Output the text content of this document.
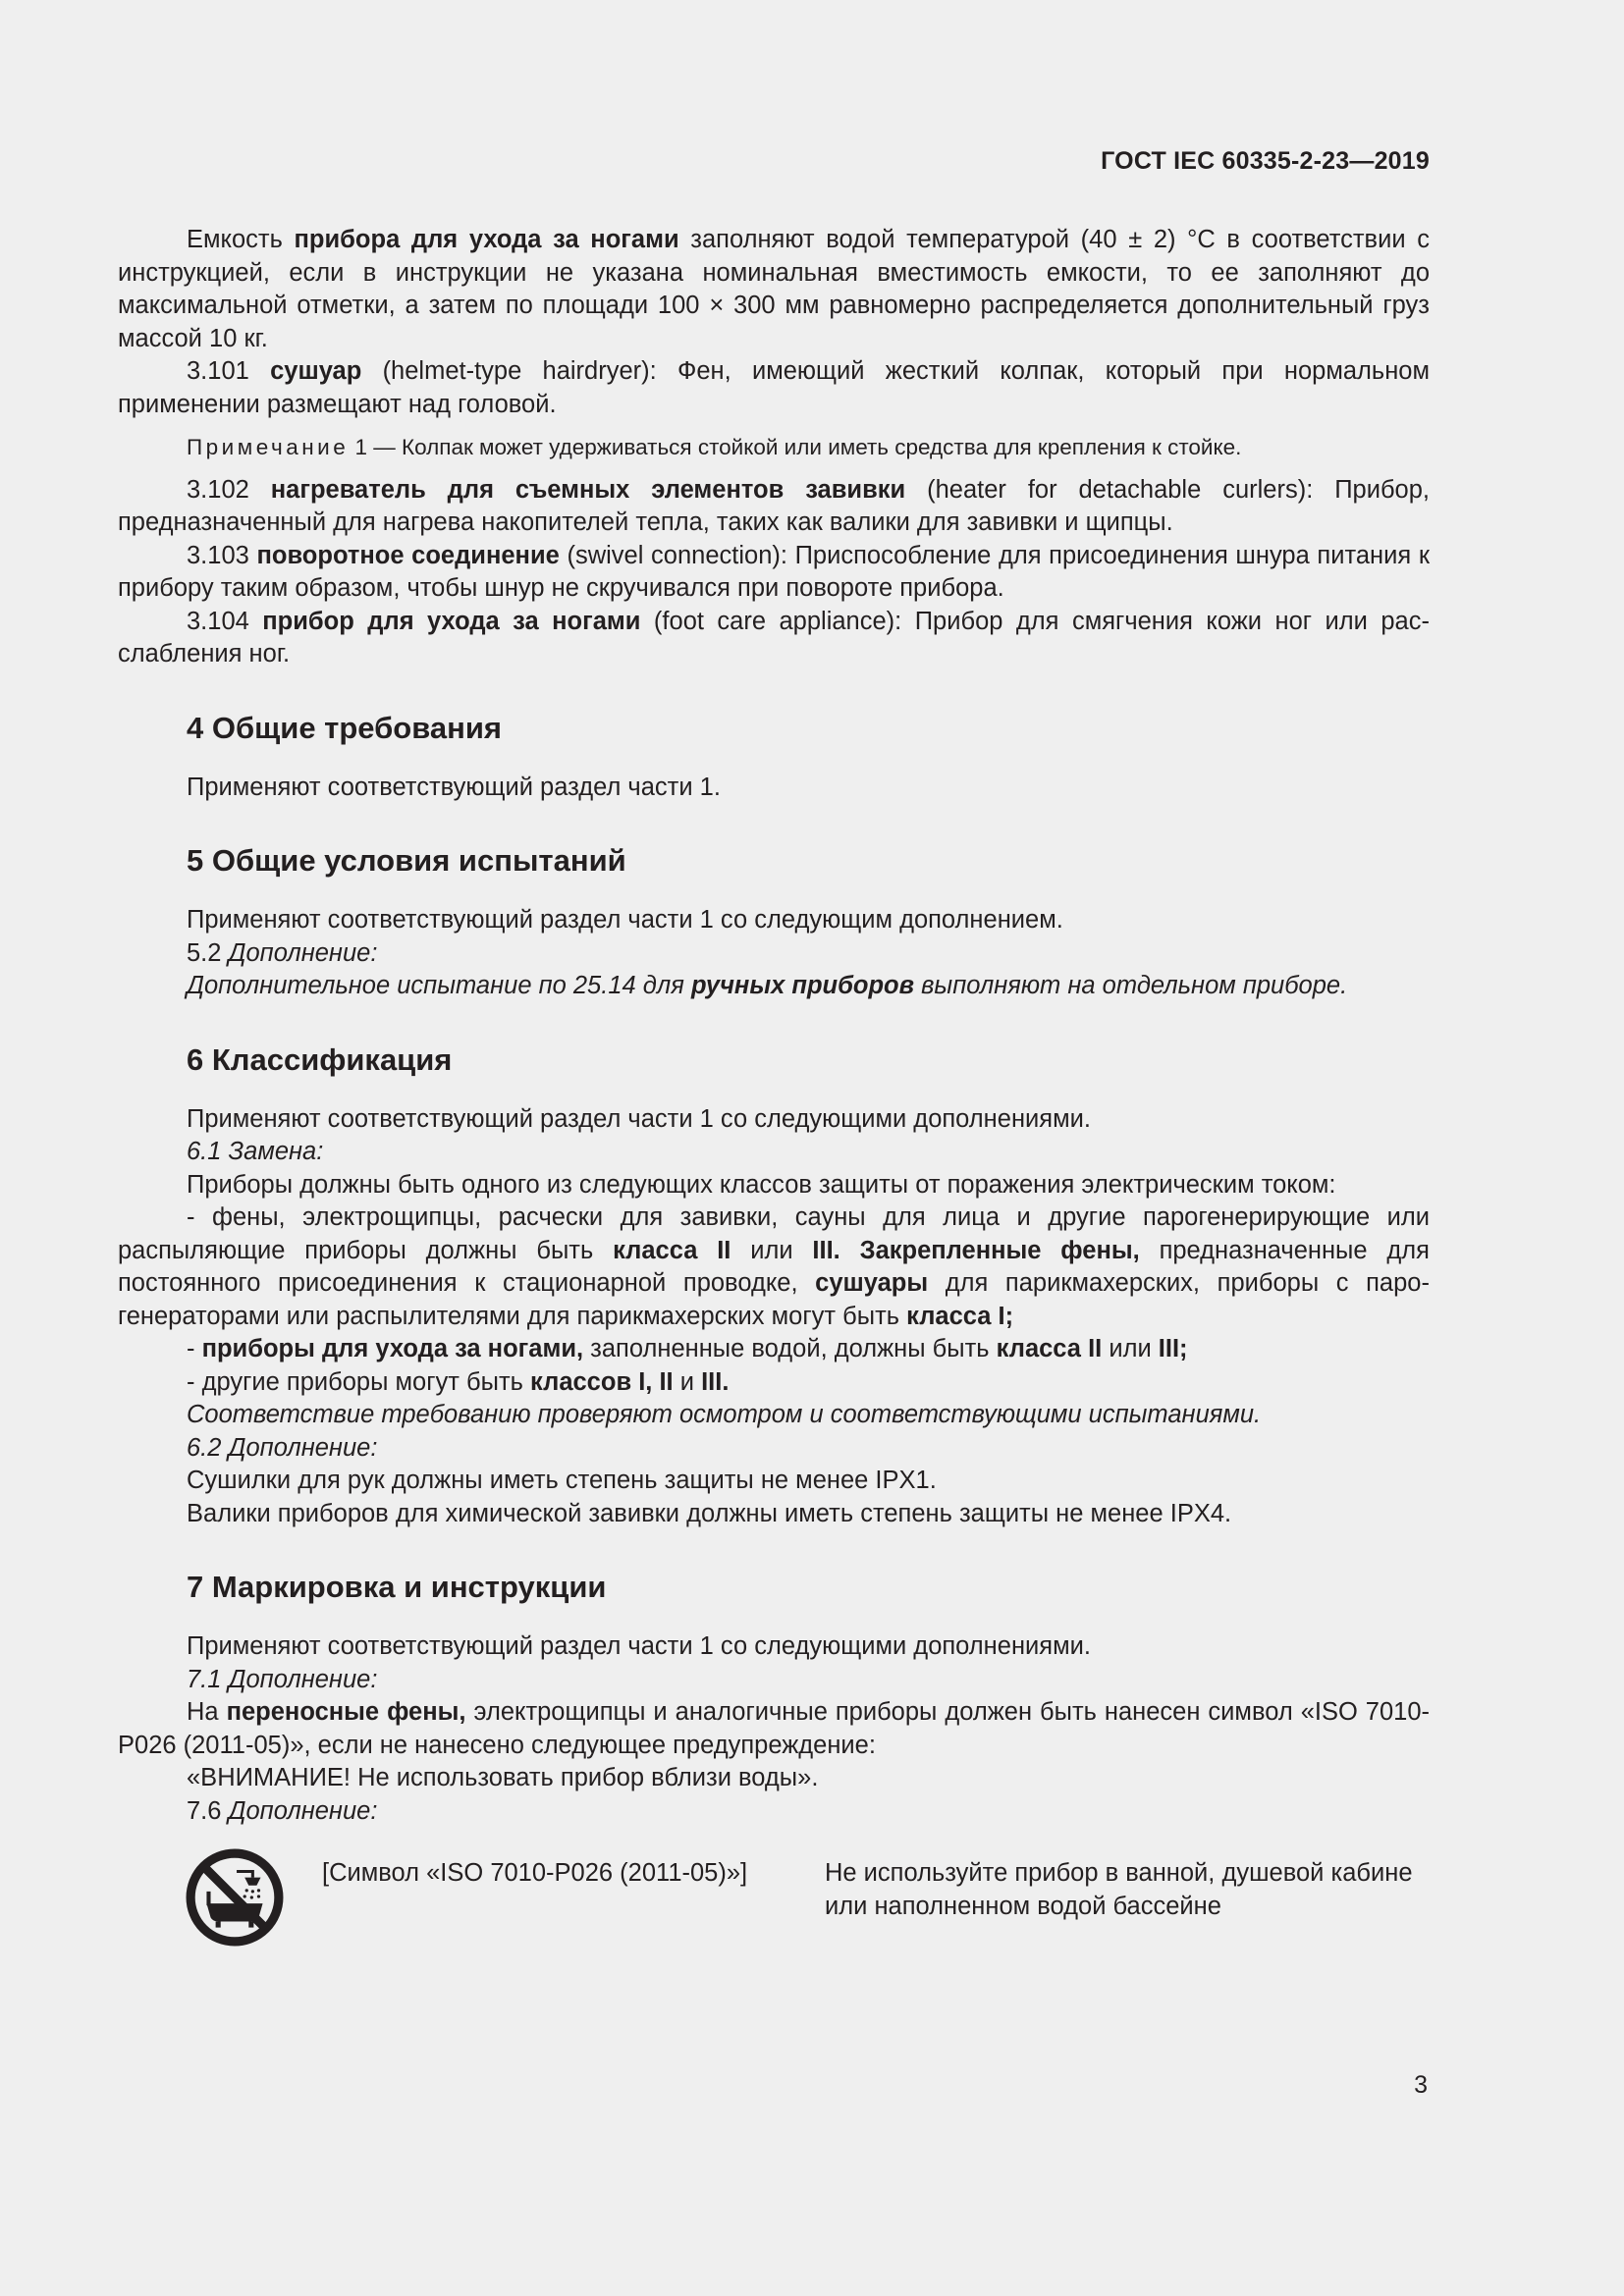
ГОСТ IEC 60335-2-23—2019

Емкость прибора для ухода за ногами заполняют водой температурой (40 ± 2) °С в соответствии с инструкцией, если в инструкции не указана номинальная вместимость емкости, то ее заполняют до максимальной отметки, а затем по площади 100 × 300 мм равномерно распределяется дополнительный груз массой 10 кг.

3.101 сушуар (helmet-type hairdryer): Фен, имеющий жесткий колпак, который при нормальном применении размещают над головой.

Примечание 1 — Колпак может удерживаться стойкой или иметь средства для крепления к стойке.

3.102 нагреватель для съемных элементов завивки (heater for detachable curlers): Прибор, предназначенный для нагрева накопителей тепла, таких как валики для завивки и щипцы.

3.103 поворотное соединение (swivel connection): Приспособление для присоединения шнура питания к прибору таким образом, чтобы шнур не скручивался при повороте прибора.

3.104 прибор для ухода за ногами (foot care appliance): Прибор для смягчения кожи ног или расслабления ног.

4 Общие требования

Применяют соответствующий раздел части 1.

5 Общие условия испытаний

Применяют соответствующий раздел части 1 со следующим дополнением.

5.2 Дополнение:

Дополнительное испытание по 25.14 для ручных приборов выполняют на отдельном приборе.

6 Классификация

Применяют соответствующий раздел части 1 со следующими дополнениями.

6.1 Замена:

Приборы должны быть одного из следующих классов защиты от поражения электрическим током:

- фены, электрощипцы, расчески для завивки, сауны для лица и другие парогенерирующие или распыляющие приборы должны быть класса II или III. Закрепленные фены, предназначенные для постоянного присоединения к стационарной проводке, сушуары для парикмахерских, приборы с парогенераторами или распылителями для парикмахерских могут быть класса I;

- приборы для ухода за ногами, заполненные водой, должны быть класса II или III;

- другие приборы могут быть классов I, II и III.

Соответствие требованию проверяют осмотром и соответствующими испытаниями.

6.2 Дополнение:

Сушилки для рук должны иметь степень защиты не менее IPX1.

Валики приборов для химической завивки должны иметь степень защиты не менее IPX4.

7 Маркировка и инструкции

Применяют соответствующий раздел части 1 со следующими дополнениями.

7.1 Дополнение:

На переносные фены, электрощипцы и аналогичные приборы должен быть нанесен символ «ISO 7010-P026 (2011-05)», если не нанесено следующее предупреждение:

«ВНИМАНИЕ! Не использовать прибор вблизи воды».

7.6 Дополнение:

[Символ «ISO 7010-P026 (2011-05)»]	Не используйте прибор в ванной, душевой кабине или наполненном водой бассейне
3
